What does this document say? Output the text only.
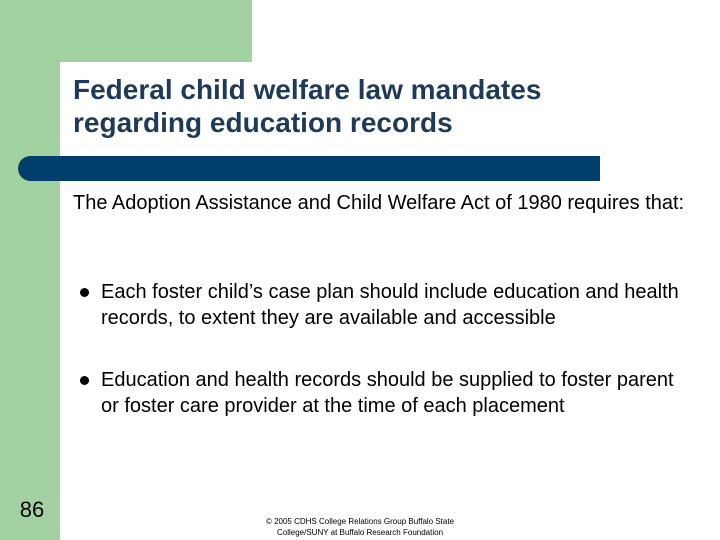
Federal child welfare law mandates
regarding education records

The Adoption Assistance and Child Welfare Act of 1980 requires that:

Each foster child’s case plan should include education and health records, to extent they are available and accessible
Education and health records should be supplied to foster parent or foster care provider at the time of each placement
86	© 2005 CDHS College Relations Group Buffalo State
College/SUNY at Buffalo Research Foundation
